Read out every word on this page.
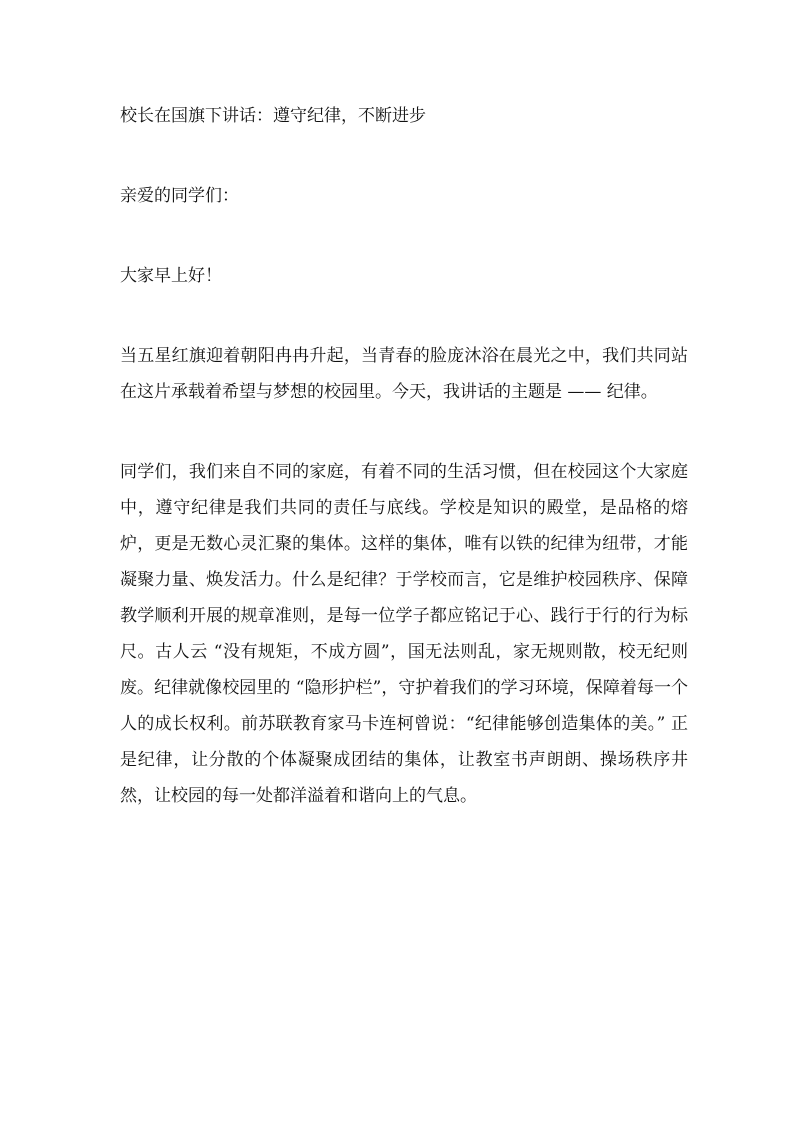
校长在国旗下讲话：遵守纪律，不断进步

亲爱的同学们：

大家早上好！

当五星红旗迎着朝阳冉冉升起，当青春的脸庞沐浴在晨光之中，我们共同站在这片承载着希望与梦想的校园里。今天，我讲话的主题是 —— 纪律。

同学们，我们来自不同的家庭，有着不同的生活习惯，但在校园这个大家庭中，遵守纪律是我们共同的责任与底线。学校是知识的殿堂，是品格的熔炉，更是无数心灵汇聚的集体。这样的集体，唯有以铁的纪律为纽带，才能凝聚力量、焕发活力。什么是纪律？于学校而言，它是维护校园秩序、保障教学顺利开展的规章准则，是每一位学子都应铭记于心、践行于行的行为标尺。古人云 “没有规矩，不成方圆”，国无法则乱，家无规则散，校无纪则废。纪律就像校园里的 “隐形护栏”，守护着我们的学习环境，保障着每一个人的成长权利。前苏联教育家马卡连柯曾说：“纪律能够创造集体的美。” 正是纪律，让分散的个体凝聚成团结的集体，让教室书声朗朗、操场秩序井然，让校园的每一处都洋溢着和谐向上的气息。
